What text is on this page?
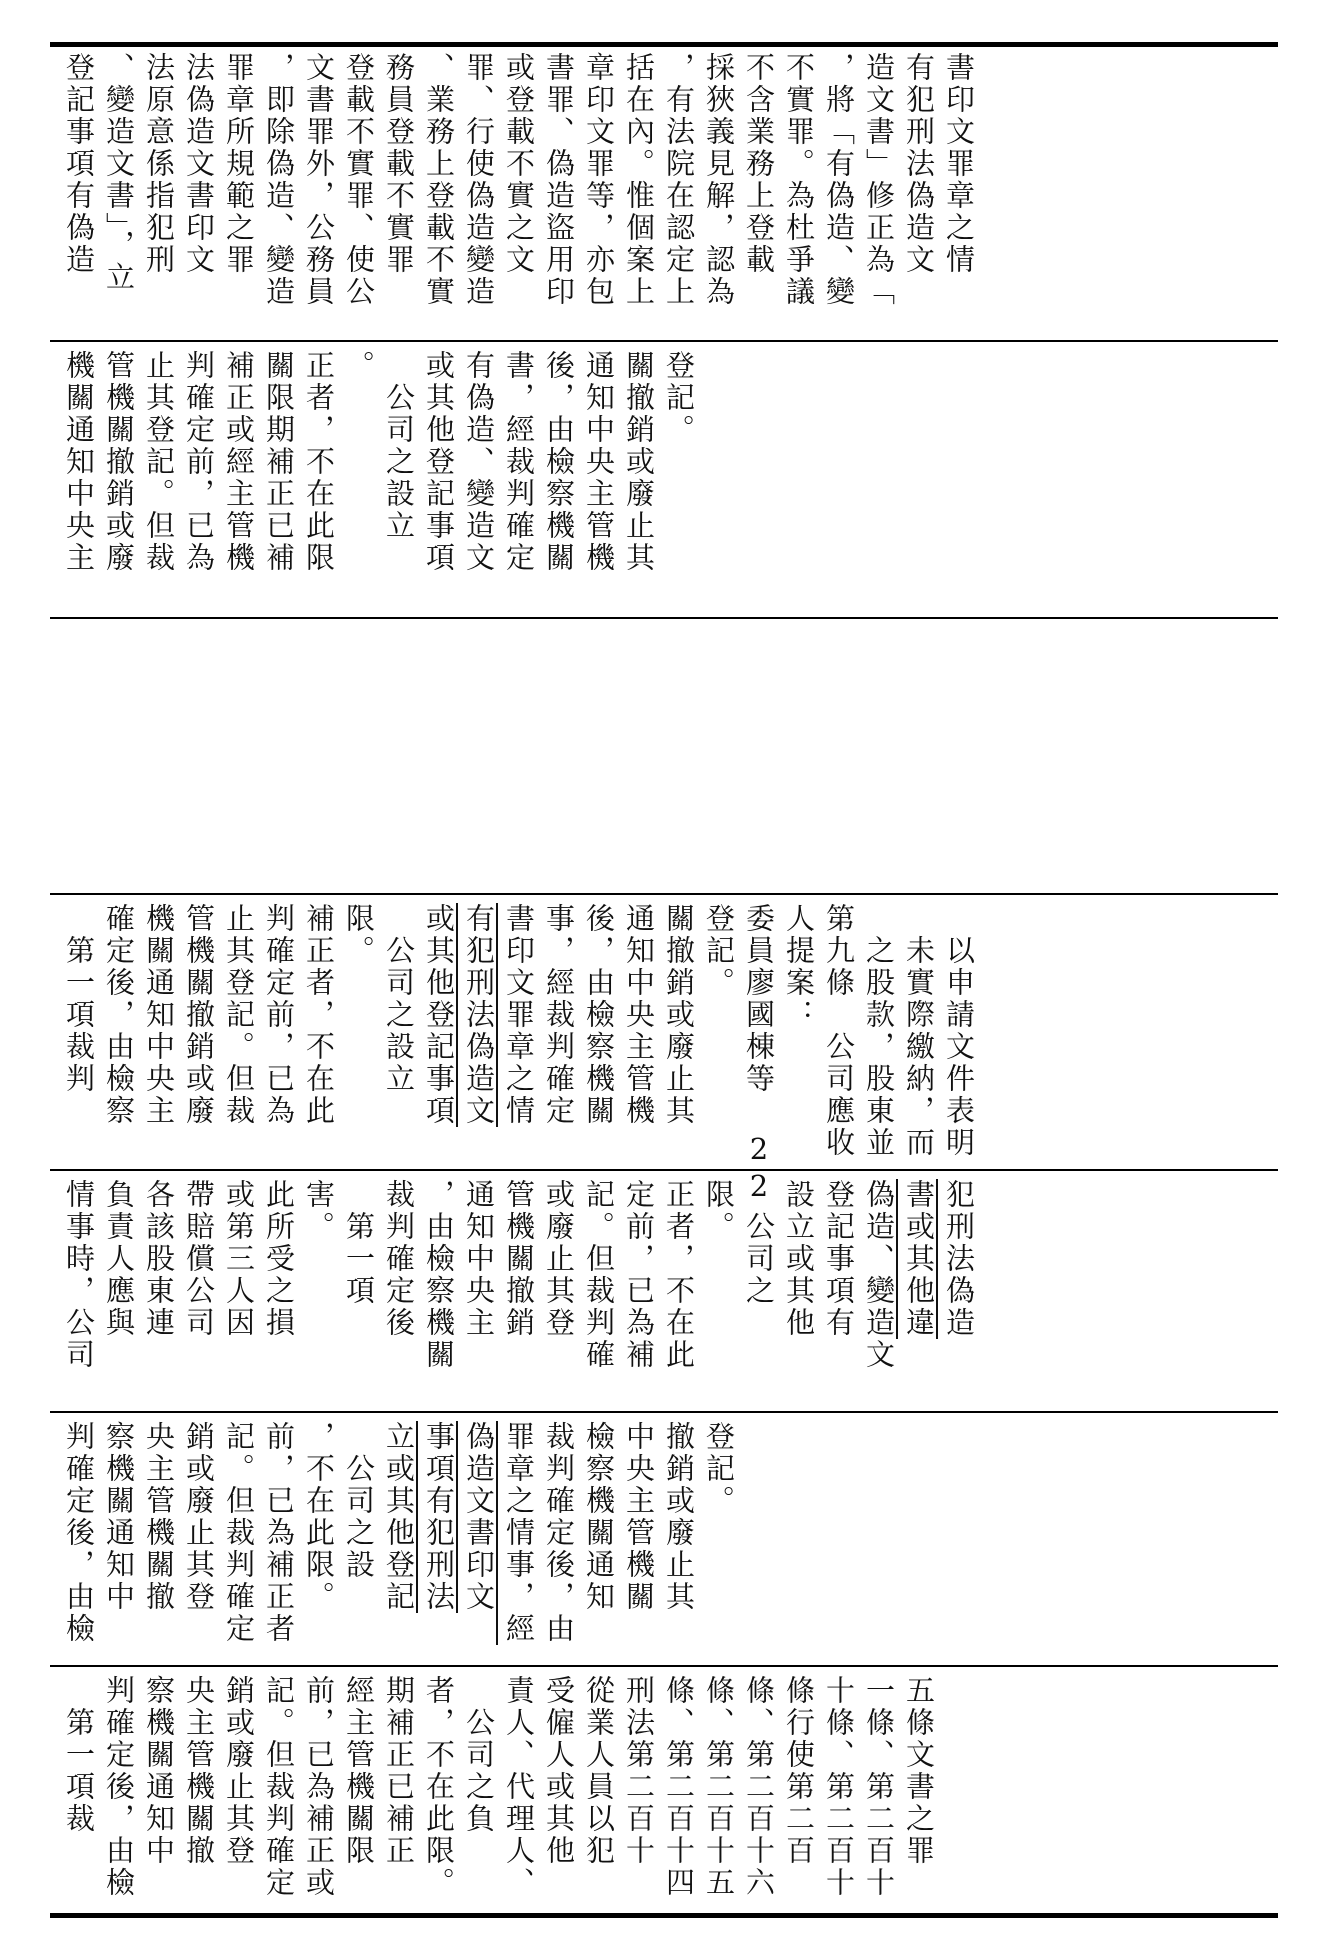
登記事項有偽造 、變造文書」，立 法原意係指犯刑 法偽造文書印文 罪章所規範之罪 ，即除偽造、變造 文書罪外，公務員 登載不實罪、使公 務員登載不實罪 、業務上登載不實 罪、行使偽造變造 或登載不實之文 書罪、偽造盜用印 章印文罪等，亦包 括在內。惟個案上 ，有法院在認定上 採狹義見解，認為 不含業務上登載 不實罪。為杜爭議 ，將「有偽造、變 造文書」修正為「 有犯刑法偽造文 書印文罪章之情
機關通知中央主 管機關撤銷或廢 止其登記。但裁 判確定前，已為 補正或經主管機 關限期補正已補 正者，不在此限 。 　公司之設立 或其他登記事項 有偽造、變造文 書，經裁判確定 後，由檢察機關 通知中央主管機 關撤銷或廢止其 登記。
　第一項裁判 確定後，由檢察 機關通知中央主 管機關撤銷或廢 止其登記。但裁 判確定前，已為 補正者，不在此 限。 　公司之設立 或其他登記事項 有犯刑法偽造文 書印文罪章之情 事，經裁判確定 後，由檢察機關 通知中央主管機 關撤銷或廢止其 登記。 委員廖國棟等 22 人提案： 第九條　公司應收 　之股款，股東並 　未實際繳納，而 　以申請文件表明
情事時，公司 負責人應與 各該股東連 帶賠償公司 或第三人因 此所受之損 害。 　第一項 裁判確定後 ，由檢察機關 通知中央主 管機關撤銷 或廢止其登 記。但裁判確 定前，已為補 正者，不在此 限。 　公司之 設立或其他 登記事項有 偽造、變造文 書或其他違 犯刑法偽造
判確定後，由檢 察機關通知中 央主管機關撤 銷或廢止其登 記。但裁判確定 前，已為補正者 ，不在此限。 　公司之設 立或其他登記 事項有犯刑法 偽造文書印文 罪章之情事，經 裁判確定後，由 檢察機關通知 中央主管機關 撤銷或廢止其 登記。
　第一項裁 判確定後，由檢 察機關通知中 央主管機關撤 銷或廢止其登 記。但裁判確定 前，已為補正或 經主管機關限 期補正已補正 者，不在此限。 　公司之負 責人、代理人、 受僱人或其他 從業人員以犯 刑法第二百十 條、第二百十四 條、第二百十五 條、第二百十六 條行使第二百 十條、第二百十 一條、第二百十 五條文書之罪
